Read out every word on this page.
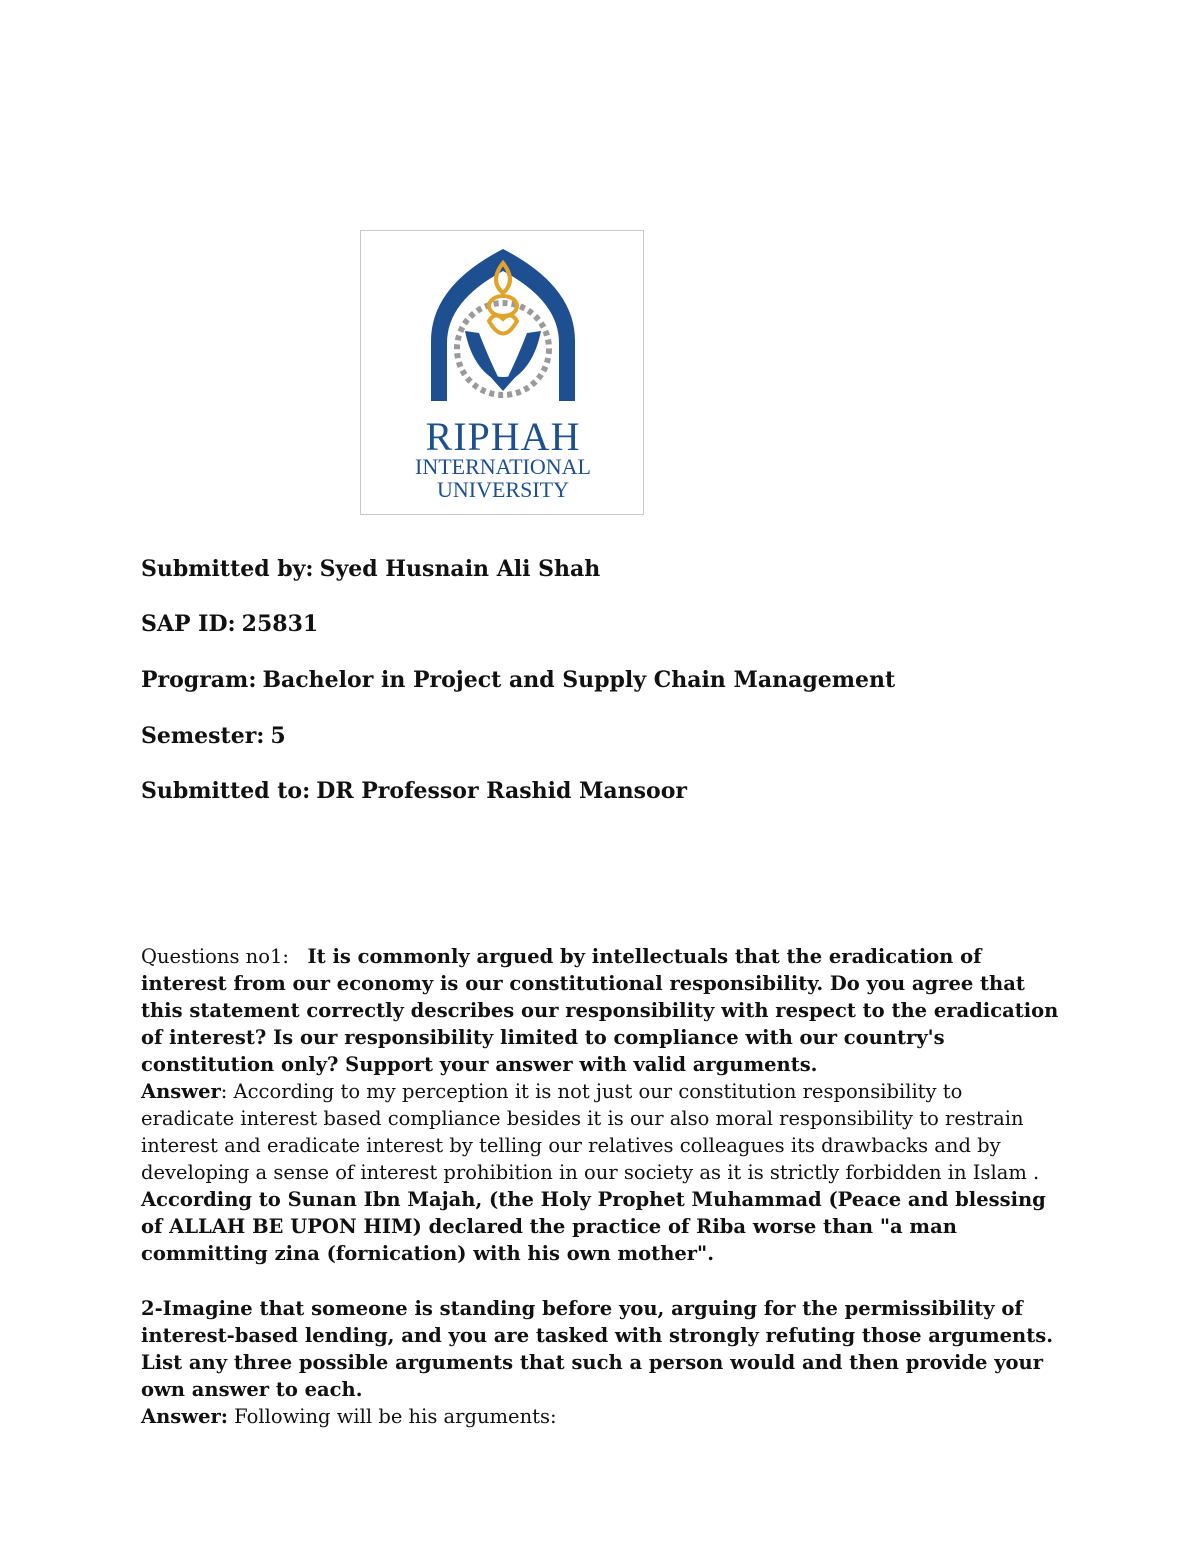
RIPHAH
INTERNATIONAL
UNIVERSITY
Submitted by: Syed Husnain Ali Shah
SAP ID: 25831
Program: Bachelor in Project and Supply Chain Management
Semester: 5
Submitted to: DR Professor Rashid Mansoor
Questions no1:   It is commonly argued by intellectuals that the eradication of interest from our economy is our constitutional responsibility. Do you agree that this statement correctly describes our responsibility with respect to the eradication of interest? Is our responsibility limited to compliance with our country's constitution only? Support your answer with valid arguments.
Answer: According to my perception it is not just our constitution responsibility to eradicate interest based compliance besides it is our also moral responsibility to restrain interest and eradicate interest by telling our relatives colleagues its drawbacks and by developing a sense of interest prohibition in our society as it is strictly forbidden in Islam .
According to Sunan Ibn Majah, (the Holy Prophet Muhammad (Peace and blessing of ALLAH BE UPON HIM) declared the practice of Riba worse than "a man committing zina (fornication) with his own mother".
2-Imagine that someone is standing before you, arguing for the permissibility of interest-based lending, and you are tasked with strongly refuting those arguments. List any three possible arguments that such a person would and then provide your own answer to each.
Answer: Following will be his arguments:
